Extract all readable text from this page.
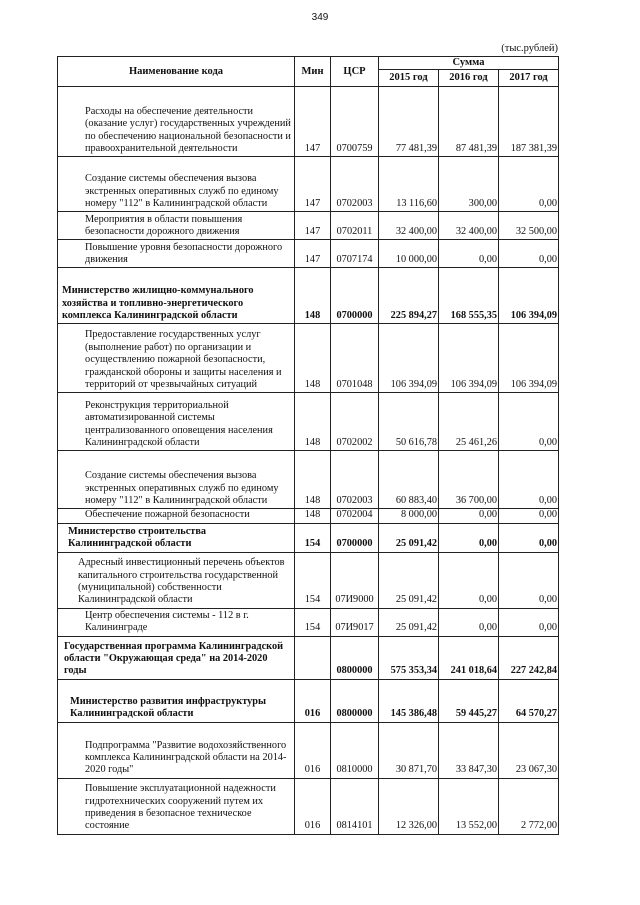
349
(тыс.рублей)
Наименование кода	Мин	ЦСР	Сумма		
			2015 год	2016 год	2017 год
Расходы на обеспечение деятельности (оказание услуг) государственных учреждений по обеспечению национальной безопасности и правоохранительной деятельности	147	0700759	77 481,39	87 481,39	187 381,39
Создание системы обеспечения вызова экстренных оперативных служб по единому номеру "112" в Калининградской области	147	0702003	13 116,60	300,00	0,00
Мероприятия в области повышения безопасности дорожного движения	147	0702011	32 400,00	32 400,00	32 500,00
Повышение уровня безопасности дорожного движения	147	0707174	10 000,00	0,00	0,00
Министерство жилищно-коммунального хозяйства и топливно-энергетического комплекса Калининградской области	148	0700000	225 894,27	168 555,35	106 394,09
Предоставление государственных услуг (выполнение работ) по организации и осуществлению пожарной безопасности, гражданской обороны и защиты населения и территорий от чрезвычайных ситуаций	148	0701048	106 394,09	106 394,09	106 394,09
Реконструкция территориальной автоматизированной системы централизованного оповещения населения Калининградской области	148	0702002	50 616,78	25 461,26	0,00
Создание системы обеспечения вызова экстренных оперативных служб по единому номеру "112" в Калининградской области	148	0702003	60 883,40	36 700,00	0,00
Обеспечение пожарной безопасности	148	0702004	8 000,00	0,00	0,00
Министерство строительства Калининградской области	154	0700000	25 091,42	0,00	0,00
Адресный инвестиционный перечень объектов капитального строительства государственной (муниципальной) собственности Калининградской области	154	07И9000	25 091,42	0,00	0,00
Центр обеспечения системы - 112 в г. Калининграде	154	07И9017	25 091,42	0,00	0,00
Государственная программа Калининградской области "Окружающая среда" на 2014-2020 годы		0800000	575 353,34	241 018,64	227 242,84
Министерство развития инфраструктуры Калининградской области	016	0800000	145 386,48	59 445,27	64 570,27
Подпрограмма "Развитие водохозяйственного комплекса Калининградской области на 2014-2020 годы"	016	0810000	30 871,70	33 847,30	23 067,30
Повышение эксплуатационной надежности гидротехнических сооружений путем их приведения в безопасное техническое состояние	016	0814101	12 326,00	13 552,00	2 772,00
